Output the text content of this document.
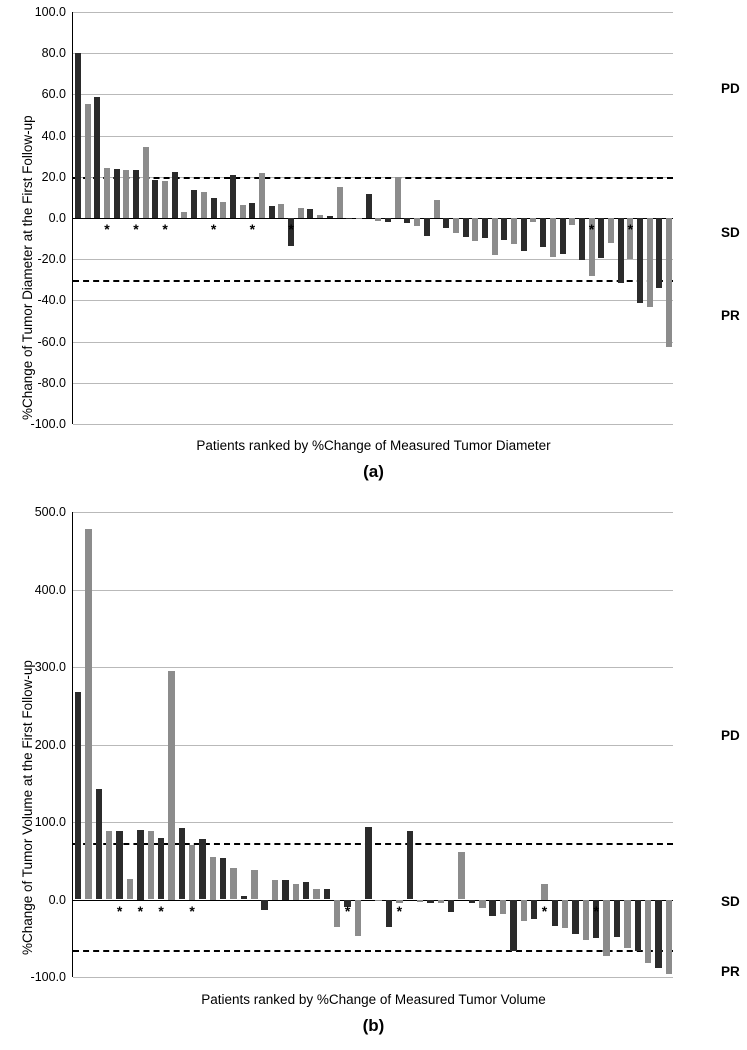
%Change of Tumor Diameter at the First Follow-up
100.0
80.0
60.0
40.0
20.0
0.0
-20.0
-40.0
-60.0
-80.0
-100.0
* * *	* * *	* *
PD
SD
PR
Patients ranked by %Change of Measured Tumor Diameter
(a)
%Change of Tumor Volume at the First Follow-up
500.0
400.0
300.0
200.0
100.0
0.0
-100.0
* * * *	*	*	*	*
PD
SD
PR
Patients ranked by %Change of Measured Tumor Volume
(b)
